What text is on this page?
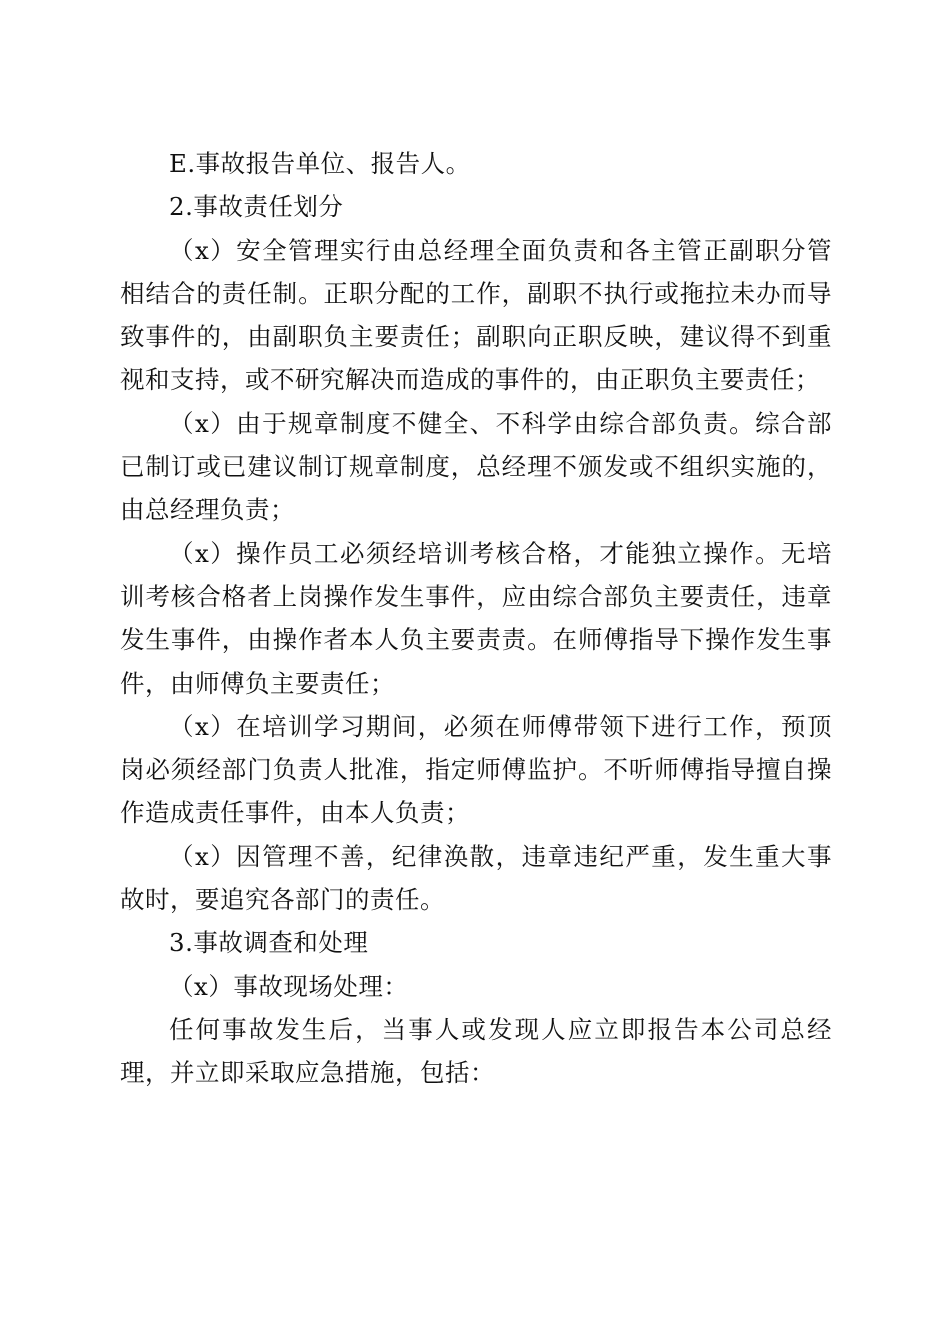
E.事故报告单位、报告人。

2.事故责任划分

（x）安全管理实行由总经理全面负责和各主管正副职分管相结合的责任制。正职分配的工作，副职不执行或拖拉未办而导致事件的，由副职负主要责任；副职向正职反映，建议得不到重视和支持，或不研究解决而造成的事件的，由正职负主要责任；

（x）由于规章制度不健全、不科学由综合部负责。综合部已制订或已建议制订规章制度，总经理不颁发或不组织实施的，由总经理负责；

（x）操作员工必须经培训考核合格，才能独立操作。无培训考核合格者上岗操作发生事件，应由综合部负主要责任，违章发生事件，由操作者本人负主要责责。在师傅指导下操作发生事件，由师傅负主要责任；

（x）在培训学习期间，必须在师傅带领下进行工作，预顶岗必须经部门负责人批准，指定师傅监护。不听师傅指导擅自操作造成责任事件，由本人负责；

（x）因管理不善，纪律涣散，违章违纪严重，发生重大事故时，要追究各部门的责任。

3.事故调查和处理

（x）事故现场处理：

任何事故发生后，当事人或发现人应立即报告本公司总经理，并立即采取应急措施，包括：
